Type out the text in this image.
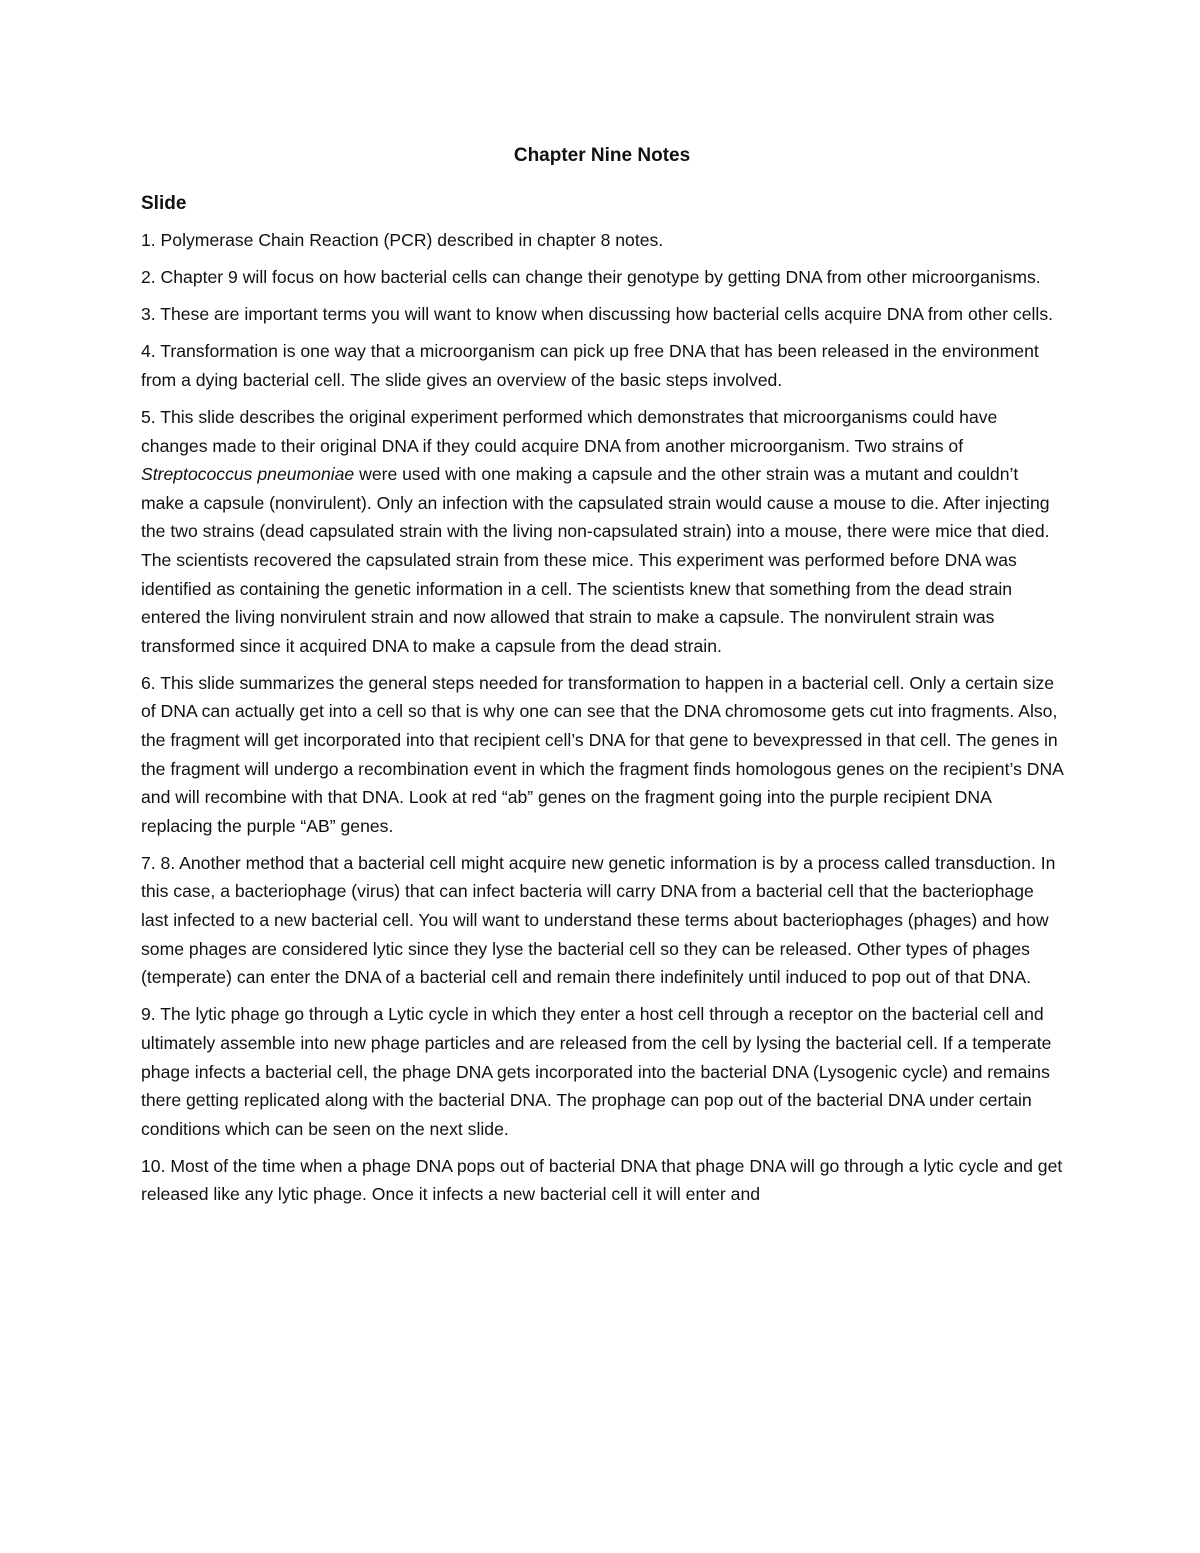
Chapter Nine Notes
Slide

1. Polymerase Chain Reaction (PCR) described in chapter 8 notes.

2. Chapter 9 will focus on how bacterial cells can change their genotype by getting DNA from other microorganisms.

3. These are important terms you will want to know when discussing how bacterial cells acquire DNA from other cells.

4. Transformation is one way that a microorganism can pick up free DNA that has been released in the environment from a dying bacterial cell. The slide gives an overview of the basic steps involved.

5. This slide describes the original experiment performed which demonstrates that microorganisms could have changes made to their original DNA if they could acquire DNA from another microorganism. Two strains of Streptococcus pneumoniae were used with one making a capsule and the other strain was a mutant and couldn’t make a capsule (nonvirulent). Only an infection with the capsulated strain would cause a mouse to die. After injecting the two strains (dead capsulated strain with the living non-capsulated strain) into a mouse, there were mice that died. The scientists recovered the capsulated strain from these mice. This experiment was performed before DNA was identified as containing the genetic information in a cell. The scientists knew that something from the dead strain entered the living nonvirulent strain and now allowed that strain to make a capsule. The nonvirulent strain was transformed since it acquired DNA to make a capsule from the dead strain.

6. This slide summarizes the general steps needed for transformation to happen in a bacterial cell. Only a certain size of DNA can actually get into a cell so that is why one can see that the DNA chromosome gets cut into fragments. Also, the fragment will get incorporated into that recipient cell’s DNA for that gene to bevexpressed in that cell. The genes in the fragment will undergo a recombination event in which the fragment finds homologous genes on the recipient’s DNA and will recombine with that DNA. Look at red “ab” genes on the fragment going into the purple recipient DNA replacing the purple “AB” genes.

7. 8. Another method that a bacterial cell might acquire new genetic information is by a process called transduction. In this case, a bacteriophage (virus) that can infect bacteria will carry DNA from a bacterial cell that the bacteriophage last infected to a new bacterial cell. You will want to understand these terms about bacteriophages (phages) and how some phages are considered lytic since they lyse the bacterial cell so they can be released. Other types of phages (temperate) can enter the DNA of a bacterial cell and remain there indefinitely until induced to pop out of that DNA.

9. The lytic phage go through a Lytic cycle in which they enter a host cell through a receptor on the bacterial cell and ultimately assemble into new phage particles and are released from the cell by lysing the bacterial cell. If a temperate phage infects a bacterial cell, the phage DNA gets incorporated into the bacterial DNA (Lysogenic cycle) and remains there getting replicated along with the bacterial DNA. The prophage can pop out of the bacterial DNA under certain conditions which can be seen on the next slide.

10. Most of the time when a phage DNA pops out of bacterial DNA that phage DNA will go through a lytic cycle and get released like any lytic phage. Once it infects a new bacterial cell it will enter and
